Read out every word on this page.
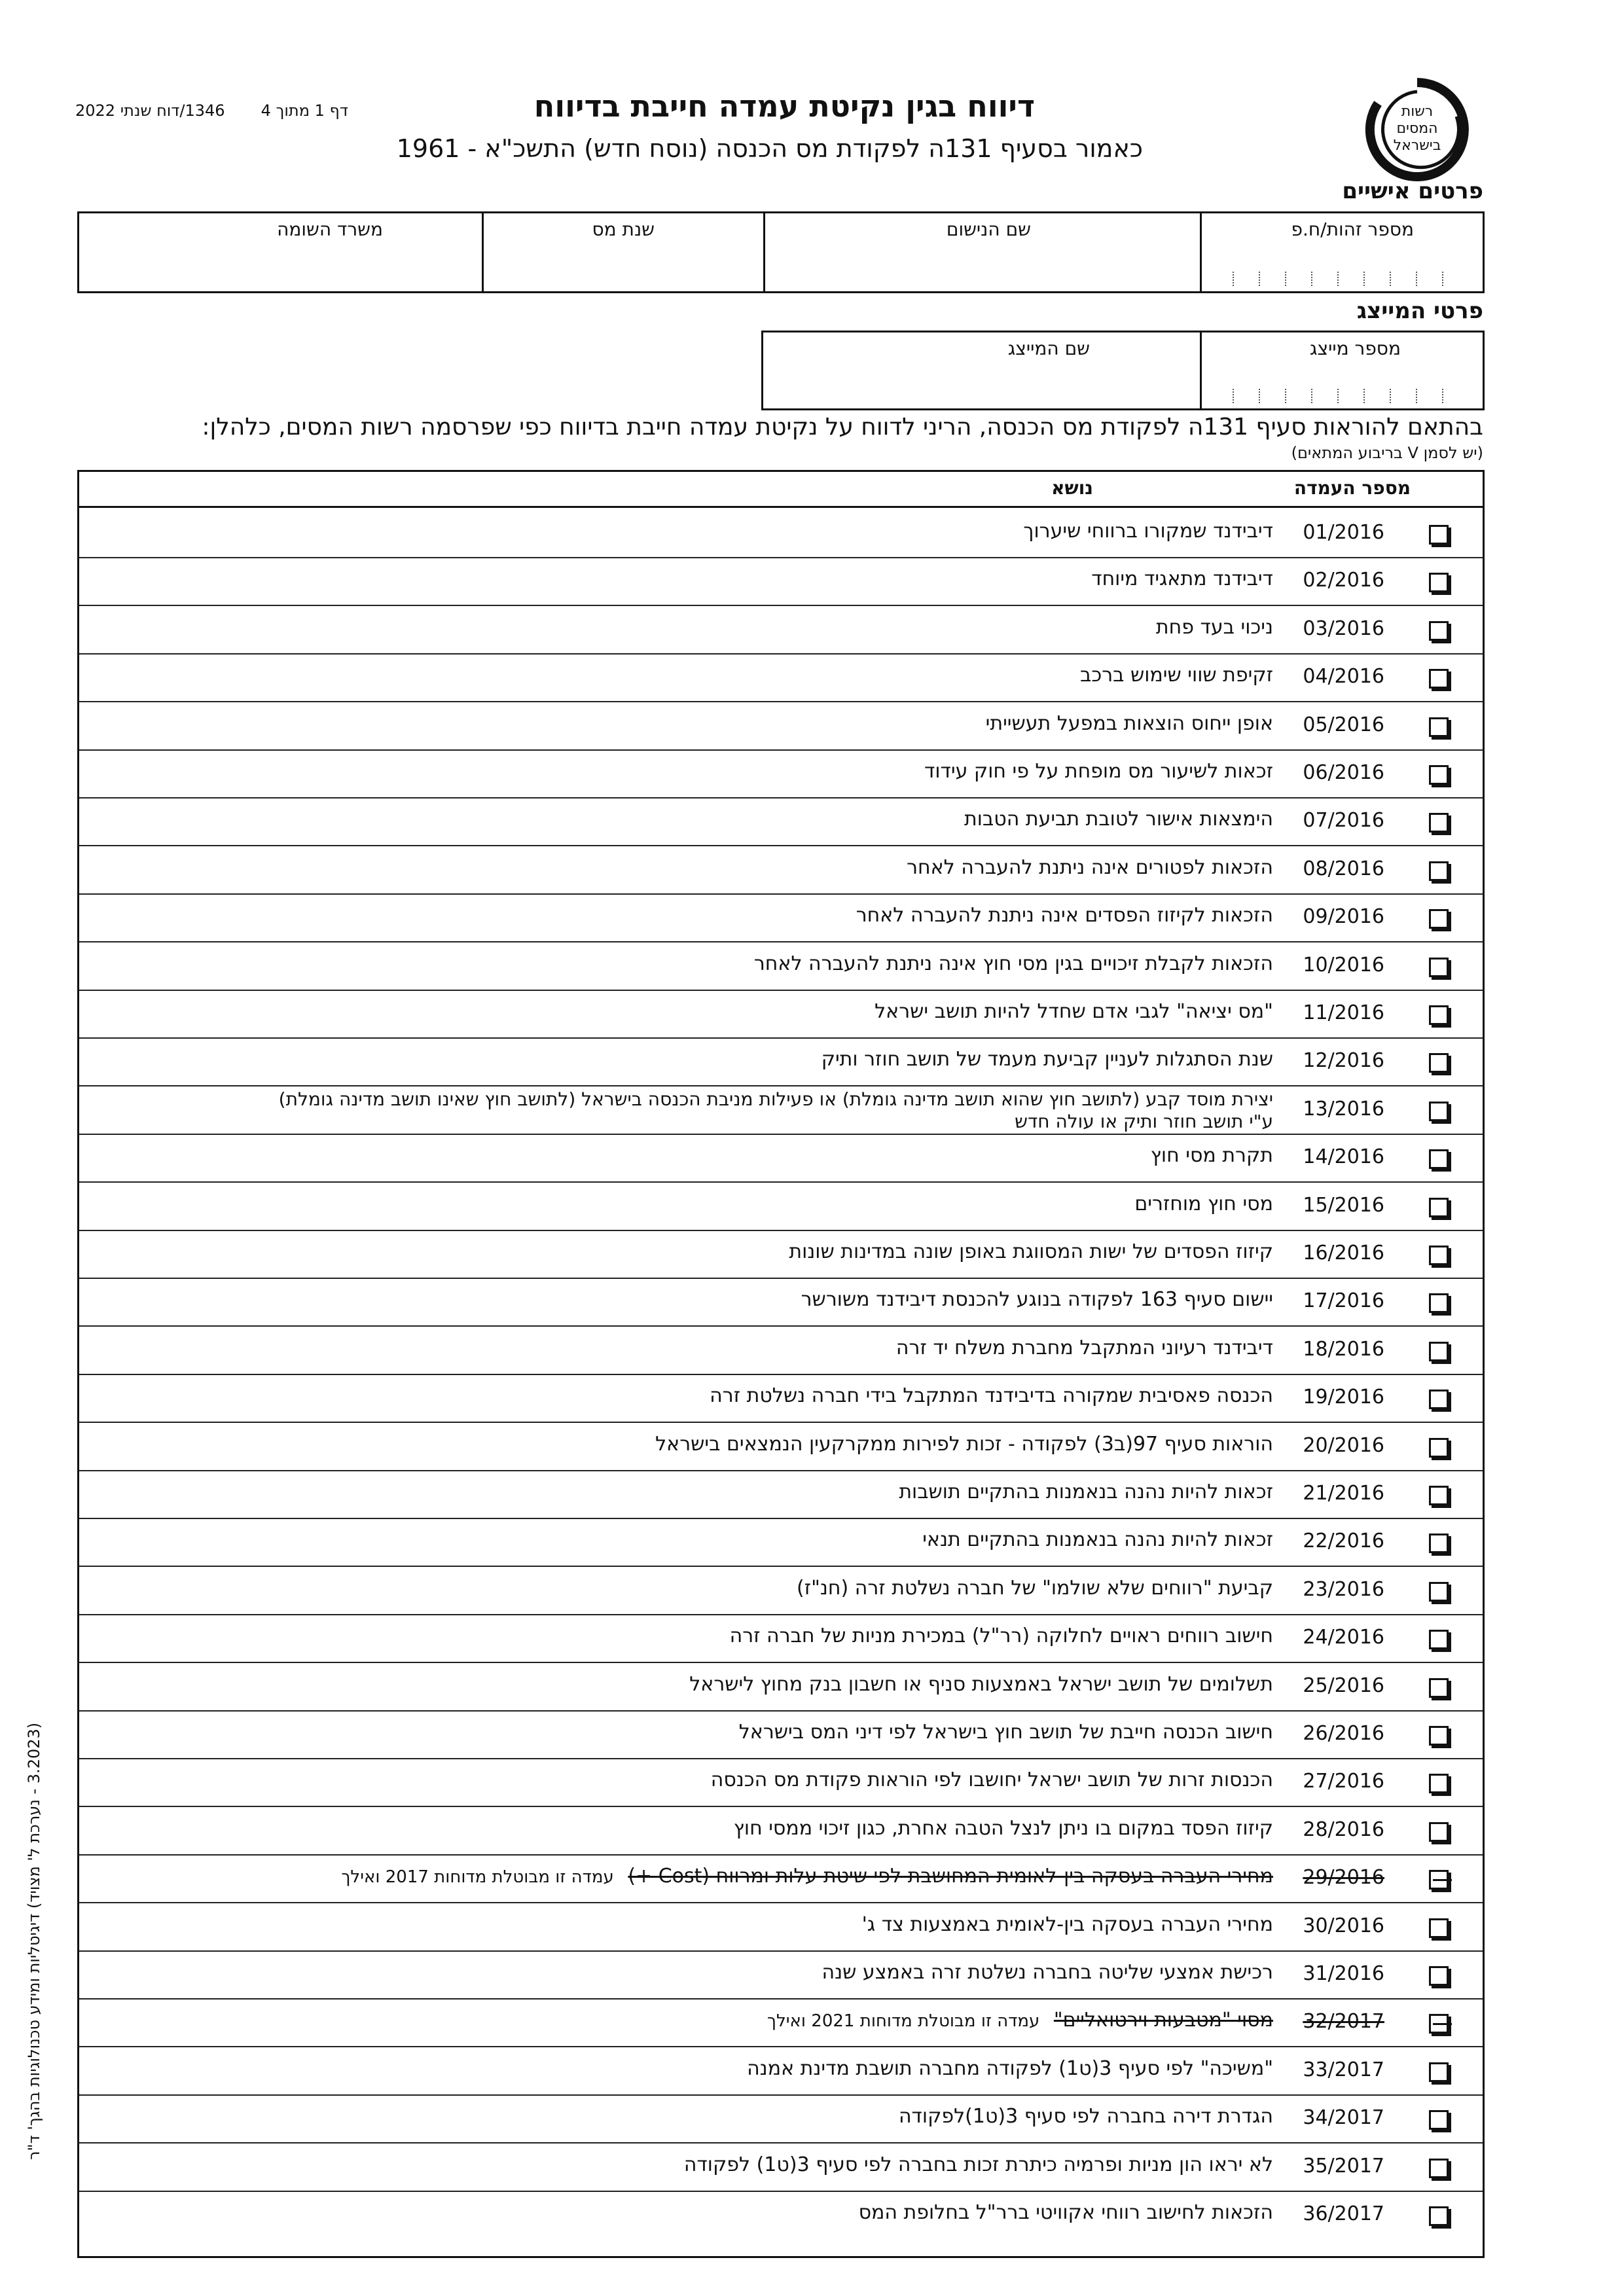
רשות
המסים
בישראל
דיווח בגין נקיטת עמדה חייבת בדיווח
כאמור בסעיף 131ה לפקודת מס הכנסה (נוסח חדש) התשכ"א - 1961
דף 1 מתוך 41346/דוח שנתי 2022
פרטים אישיים
מספר זהות/ח.פ
שם הנישום
שנת מס
משרד השומה
פרטי המייצג
מספר מייצג
שם המייצג
בהתאם להוראות סעיף 131ה לפקודת מס הכנסה, הריני לדווח על נקיטת עמדה חייבת בדיווח כפי שפרסמה רשות המסים, כלהלן:
(יש לסמן V בריבוע המתאים)
מספר העמדה
נושא
01/2016
דיבידנד שמקורו ברווחי שיערוך
02/2016
דיבידנד מתאגיד מיוחד
03/2016
ניכוי בעד פחת
04/2016
זקיפת שווי שימוש ברכב
05/2016
אופן ייחוס הוצאות במפעל תעשייתי
06/2016
זכאות לשיעור מס מופחת על פי חוק עידוד
07/2016
הימצאות אישור לטובת תביעת הטבות
08/2016
הזכאות לפטורים אינה ניתנת להעברה לאחר
09/2016
הזכאות לקיזוז הפסדים אינה ניתנת להעברה לאחר
10/2016
הזכאות לקבלת זיכויים בגין מסי חוץ אינה ניתנת להעברה לאחר
11/2016
"מס יציאה" לגבי אדם שחדל להיות תושב ישראל
12/2016
שנת הסתגלות לעניין קביעת מעמד של תושב חוזר ותיק
13/2016
יצירת מוסד קבע (לתושב חוץ שהוא תושב מדינה גומלת) או פעילות מניבת הכנסה בישראל (לתושב חוץ שאינו תושב מדינה גומלת)
ע"י תושב חוזר ותיק או עולה חדש
14/2016
תקרת מסי חוץ
15/2016
מסי חוץ מוחזרים
16/2016
קיזוז הפסדים של ישות המסווגת באופן שונה במדינות שונות
17/2016
יישום סעיף 163 לפקודה בנוגע להכנסת דיבידנד משורשר
18/2016
דיבידנד רעיוני המתקבל מחברת משלח יד זרה
19/2016
הכנסה פאסיבית שמקורה בדיבידנד המתקבל בידי חברה נשלטת זרה
20/2016
הוראות סעיף 97(ב3) לפקודה - זכות לפירות ממקרקעין הנמצאים בישראל
21/2016
זכאות להיות נהנה בנאמנות בהתקיים תושבות
22/2016
זכאות להיות נהנה בנאמנות בהתקיים תנאי
23/2016
קביעת "רווחים שלא שולמו" של חברה נשלטת זרה (חנ"ז)
24/2016
חישוב רווחים ראויים לחלוקה (רר"ל) במכירת מניות של חברה זרה
25/2016
תשלומים של תושב ישראל באמצעות סניף או חשבון בנק מחוץ לישראל
26/2016
חישוב הכנסה חייבת של תושב חוץ בישראל לפי דיני המס בישראל
27/2016
הכנסות זרות של תושב ישראל יחושבו לפי הוראות פקודת מס הכנסה
28/2016
קיזוז הפסד במקום בו ניתן לנצל הטבה אחרת, כגון זיכוי ממסי חוץ
29/2016
מחירי העברה בעסקה בין-לאומית המחושבת לפי שיטת עלות ומרווח (Cost +) עמדה זו מבוטלת מדוחות 2017 ואילך
30/2016
מחירי העברה בעסקה בין-לאומית באמצעות צד ג'
31/2016
רכישת אמצעי שליטה בחברה נשלטת זרה באמצע שנה
32/2017
מסוי "מטבעות וירטואליים" עמדה זו מבוטלת מדוחות 2021 ואילך
33/2017
"משיכה" לפי סעיף 3(ט1) לפקודה מחברה תושבת מדינת אמנה
34/2017
הגדרת דירה בחברה לפי סעיף 3(ט1)לפקודה
35/2017
לא יראו הון מניות ופרמיה כיתרת זכות בחברה לפי סעיף 3(ט1) לפקודה
36/2017
הזכאות לחישוב רווחי אקוויטי ברר"ל בחלופת המס
(3.2023 - נערכת ל' מצויד) דיגיטליות ומידע טכנולוגיות בהגך' ד"ר
